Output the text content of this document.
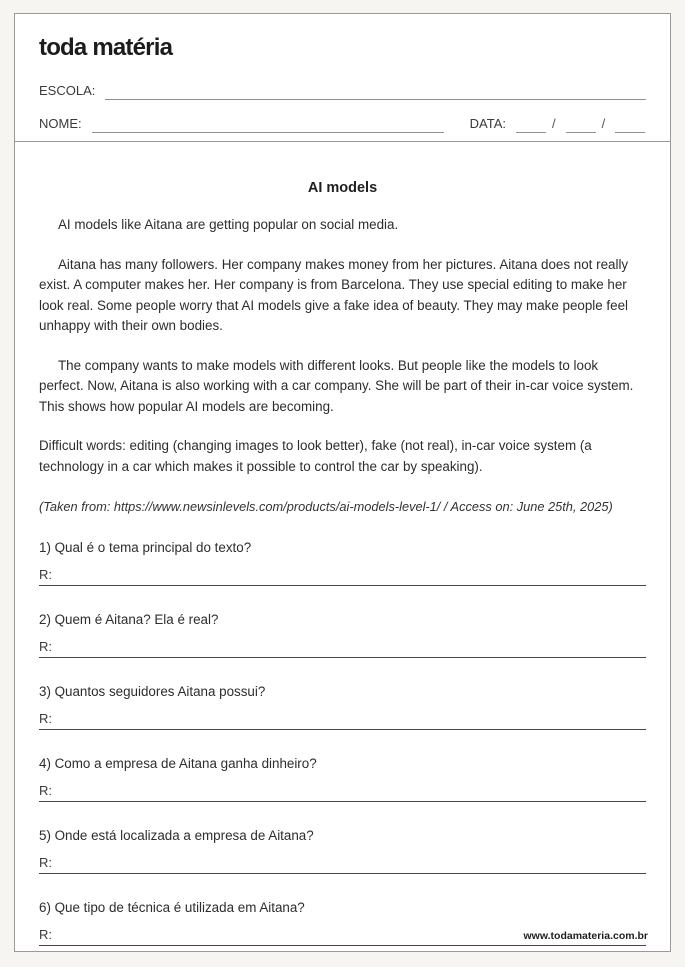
toda matéria
ESCOLA:
NOME:	DATA:	/	/
AI models

AI models like Aitana are getting popular on social media.

Aitana has many followers. Her company makes money from her pictures. Aitana does not really exist. A computer makes her. Her company is from Barcelona. They use special editing to make her look real. Some people worry that AI models give a fake idea of beauty. They may make people feel unhappy with their own bodies.

The company wants to make models with different looks. But people like the models to look perfect. Now, Aitana is also working with a car company. She will be part of their in-car voice system. This shows how popular AI models are becoming.

Difficult words: editing (changing images to look better), fake (not real), in-car voice system (a technology in a car which makes it possible to control the car by speaking).

(Taken from: https://www.newsinlevels.com/products/ai-models-level-1/ / Access on: June 25th, 2025)

1) Qual é o tema principal do texto?
R:
2) Quem é Aitana? Ela é real?
R:
3) Quantos seguidores Aitana possui?
R:
4) Como a empresa de Aitana ganha dinheiro?
R:
5) Onde está localizada a empresa de Aitana?
R:
6) Que tipo de técnica é utilizada em Aitana?
R:	www.todamateria.com.br
